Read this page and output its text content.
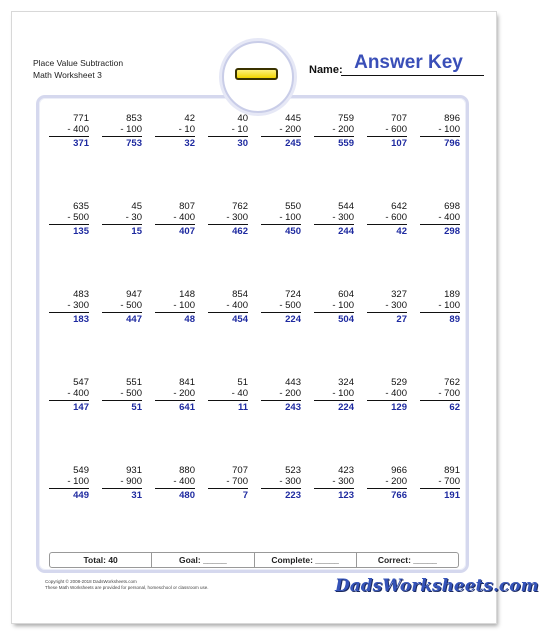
Place Value Subtraction
Math Worksheet 3	Name: Answer Key
771
- 400
371
853
- 100
753
42
- 10
32
40
- 10
30
445
- 200
245
759
- 200
559
707
- 600
107
896
- 100
796
635
- 500
135
45
- 30
15
807
- 400
407
762
- 300
462
550
- 100
450
544
- 300
244
642
- 600
42
698
- 400
298
483
- 300
183
947
- 500
447
148
- 100
48
854
- 400
454
724
- 500
224
604
- 100
504
327
- 300
27
189
- 100
89
547
- 400
147
551
- 500
51
841
- 200
641
51
- 40
11
443
- 200
243
324
- 100
224
529
- 400
129
762
- 700
62
549
- 100
449
931
- 900
31
880
- 400
480
707
- 700
7
523
- 300
223
423
- 300
123
966
- 200
766
891
- 700
191
Total: 40	Goal: _____	Complete: _____	Correct: _____
Copyright © 2008-2018 DadsWorksheets.com
These Math Worksheets are provided for personal, homeschool or classroom use.	DadsWorksheets.com
